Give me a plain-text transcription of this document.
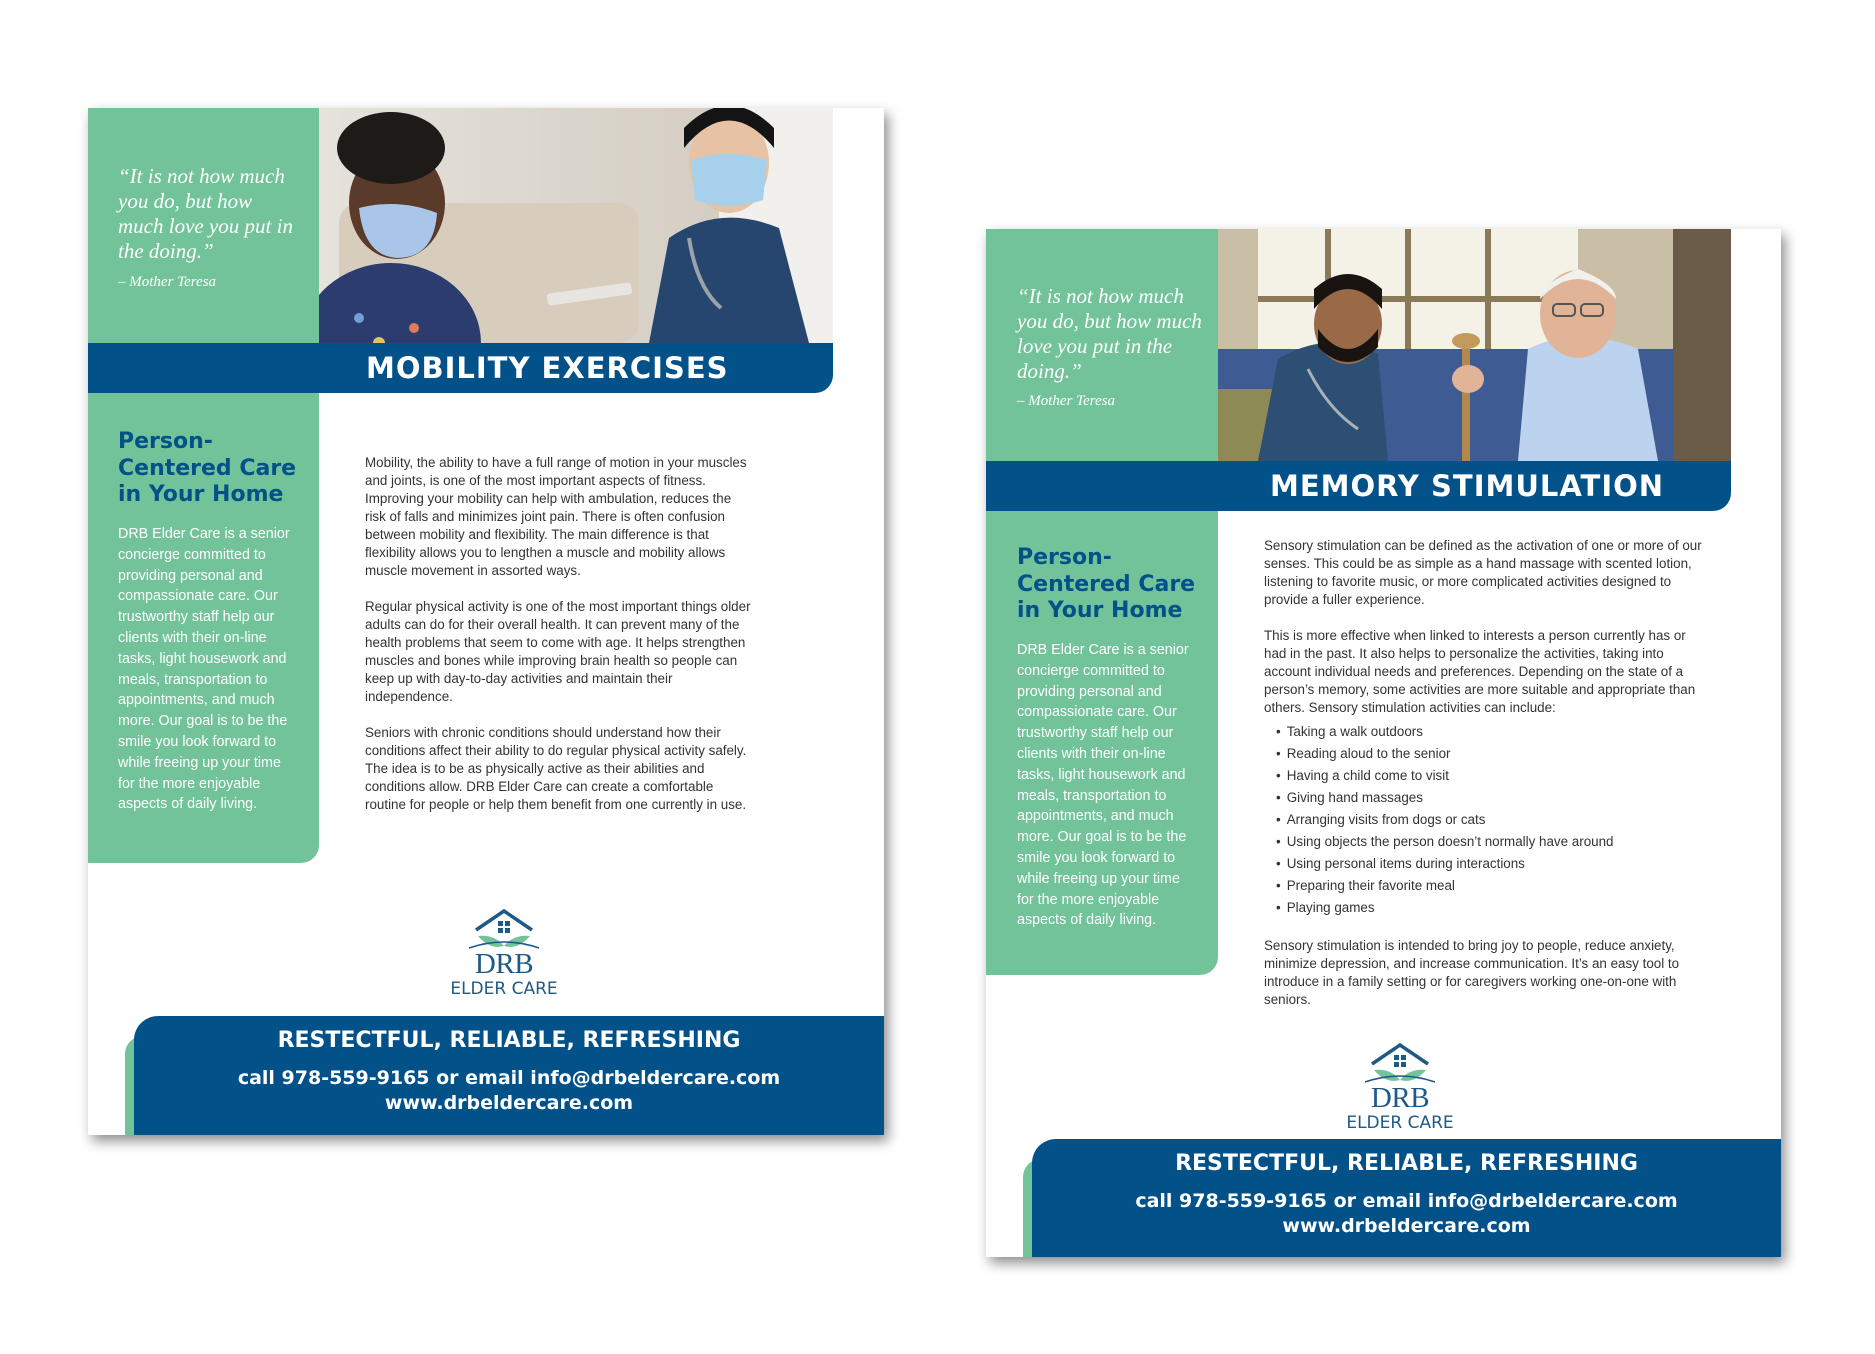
“It is not how much you do, but how much love you put in the doing.”

– Mother Teresa
MOBILITY EXERCISES

Person-Centered Care in Your Home

DRB Elder Care is a senior concierge committed to providing personal and compassionate care. Our trustworthy staff help our clients with their on-line tasks, light housework and meals, transportation to appointments, and much more. Our goal is to be the smile you look forward to while freeing up your time for the more enjoyable aspects of daily living.

Mobility, the ability to have a full range of motion in your muscles and joints, is one of the most important aspects of fitness. Improving your mobility can help with ambulation, reduces the risk of falls and minimizes joint pain. There is often confusion between mobility and flexibility. The main difference is that flexibility allows you to lengthen a muscle and mobility allows muscle movement in assorted ways.

Regular physical activity is one of the most important things older adults can do for their overall health. It can prevent many of the health problems that seem to come with age. It helps strengthen muscles and bones while improving brain health so people can keep up with day-to-day activities and maintain their independence.

Seniors with chronic conditions should understand how their conditions affect their ability to do regular physical activity safely. The idea is to be as physically active as their abilities and conditions allow. DRB Elder Care can create a comfortable routine for people or help them benefit from one currently in use.

DRB
ELDER CARE
RESTECTFUL, RELIABLE, REFRESHING
call 978-559-9165 or email info@drbeldercare.com
www.drbeldercare.com

“It is not how much you do, but how much love you put in the doing.”

– Mother Teresa
MEMORY STIMULATION

Person-Centered Care in Your Home

DRB Elder Care is a senior concierge committed to providing personal and compassionate care. Our trustworthy staff help our clients with their on-line tasks, light housework and meals, transportation to appointments, and much more. Our goal is to be the smile you look forward to while freeing up your time for the more enjoyable aspects of daily living.

Sensory stimulation can be defined as the activation of one or more of our senses. This could be as simple as a hand massage with scented lotion, listening to favorite music, or more complicated activities designed to provide a fuller experience.

This is more effective when linked to interests a person currently has or had in the past. It also helps to personalize the activities, taking into account individual needs and preferences. Depending on the state of a person’s memory, some activities are more suitable and appropriate than others. Sensory stimulation activities can include:

• Taking a walk outdoors
• Reading aloud to the senior
• Having a child come to visit
• Giving hand massages
• Arranging visits from dogs or cats
• Using objects the person doesn’t normally have around
• Using personal items during interactions
• Preparing their favorite meal
• Playing games

Sensory stimulation is intended to bring joy to people, reduce anxiety, minimize depression, and increase communication. It’s an easy tool to introduce in a family setting or for caregivers working one-on-one with seniors.

DRB
ELDER CARE
RESTECTFUL, RELIABLE, REFRESHING
call 978-559-9165 or email info@drbeldercare.com
www.drbeldercare.com
